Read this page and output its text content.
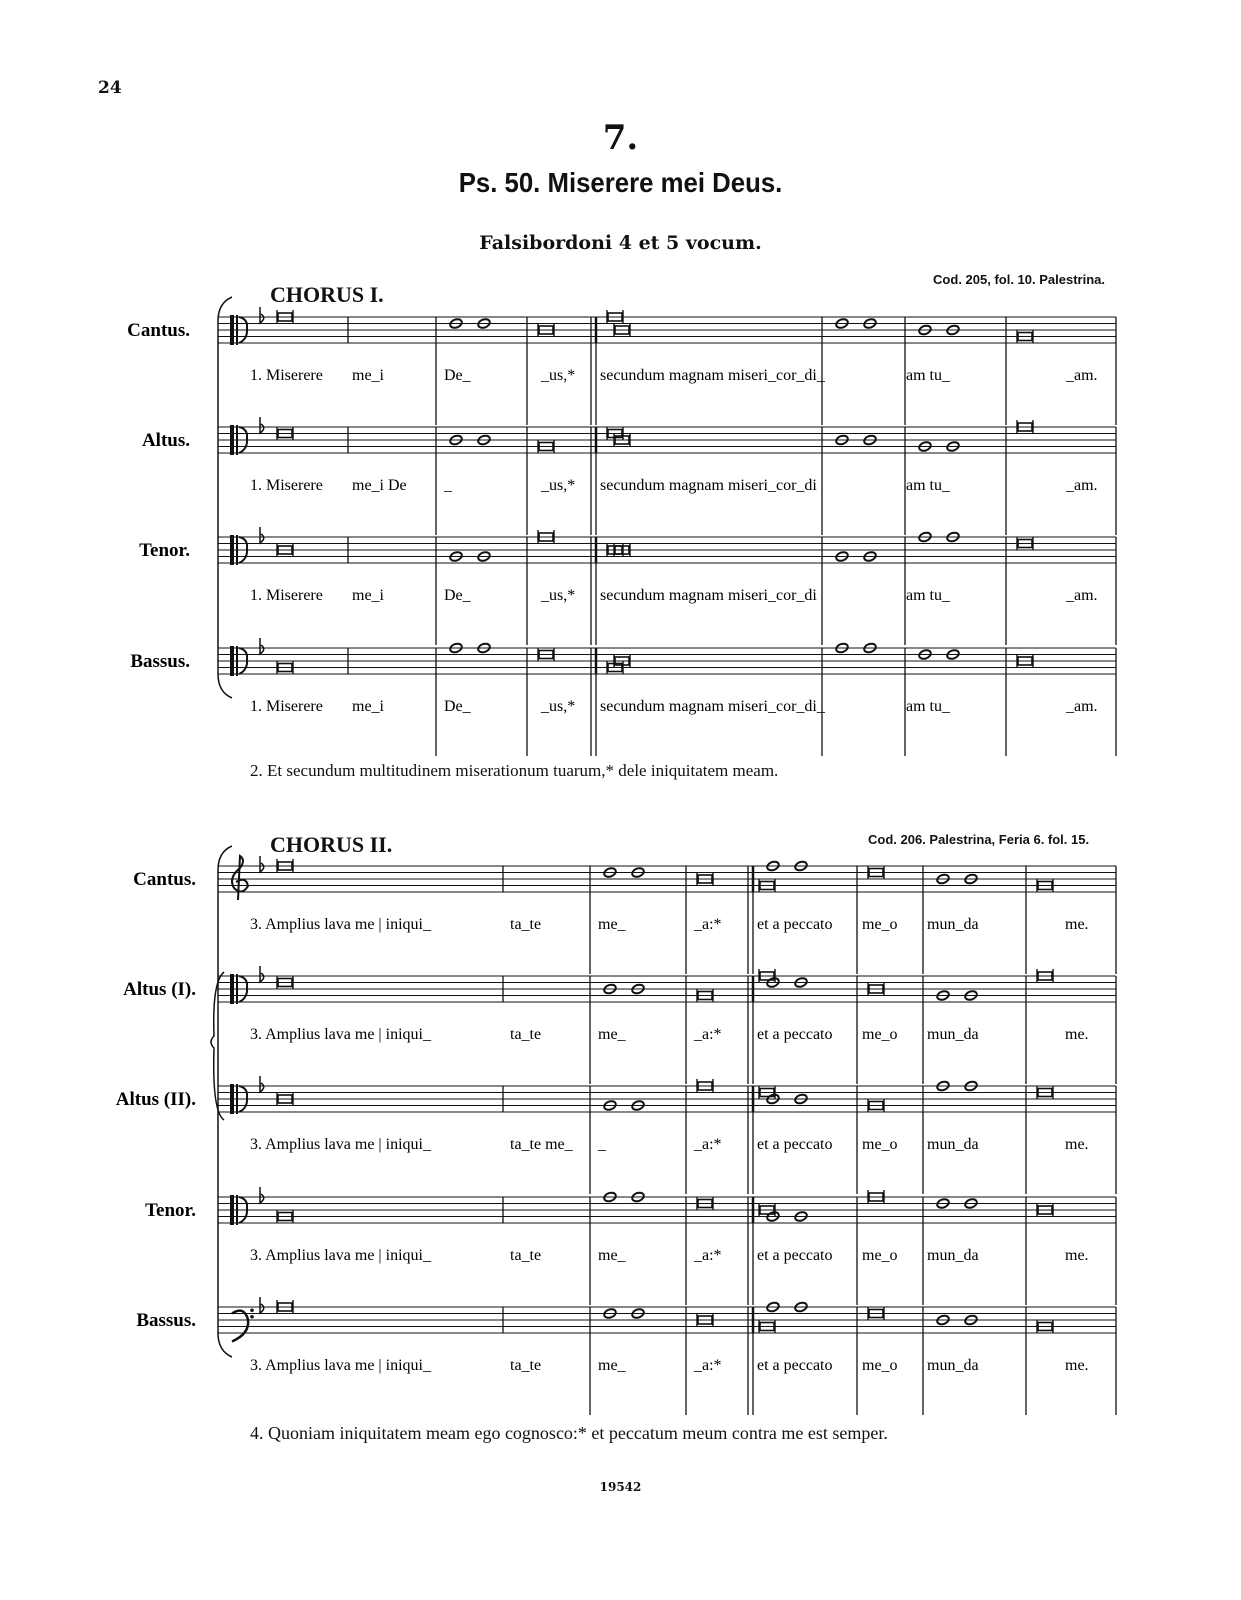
24
7.
Ps. 50. Miserere mei Deus.
Falsibordoni 4 et 5 vocum.
CHORUS I.
Cod. 205, fol. 10. Palestrina.
Cantus.
1. Miserere me_i	De_	_us,* secundum magnam miseri_cor_di_	am tu_	_am.
Altus.
1. Miserere me_i De _	_us,* secundum magnam miseri_cor_di	am tu_	_am.
Tenor.
1. Miserere me_i	De_	_us,* secundum magnam miseri_cor_di	am tu_	_am.
Bassus.
1. Miserere me_i	De_	_us,* secundum magnam miseri_cor_di_	am tu_	_am.
Cantus.
3. Amplius lava me | iniqui_	ta_te	me_	_a:* et a peccato me_o mun_da	me.
Altus (I).
3. Amplius lava me | iniqui_	ta_te	me_	_a:* et a peccato me_o mun_da	me.
Altus (II).
3. Amplius lava me | iniqui_	ta_te me_ _	_a:* et a peccato me_o mun_da	me.
Tenor.
3. Amplius lava me | iniqui_	ta_te	me_	_a:* et a peccato me_o mun_da	me.
Bassus.
3. Amplius lava me | iniqui_	ta_te	me_	_a:* et a peccato me_o mun_da	me.
2. Et secundum multitudinem miserationum tuarum,* dele iniquitatem meam.
CHORUS II.	Cod. 206. Palestrina, Feria 6. fol. 15.
4. Quoniam iniquitatem meam ego cognosco:* et peccatum meum contra me est semper.
19542
